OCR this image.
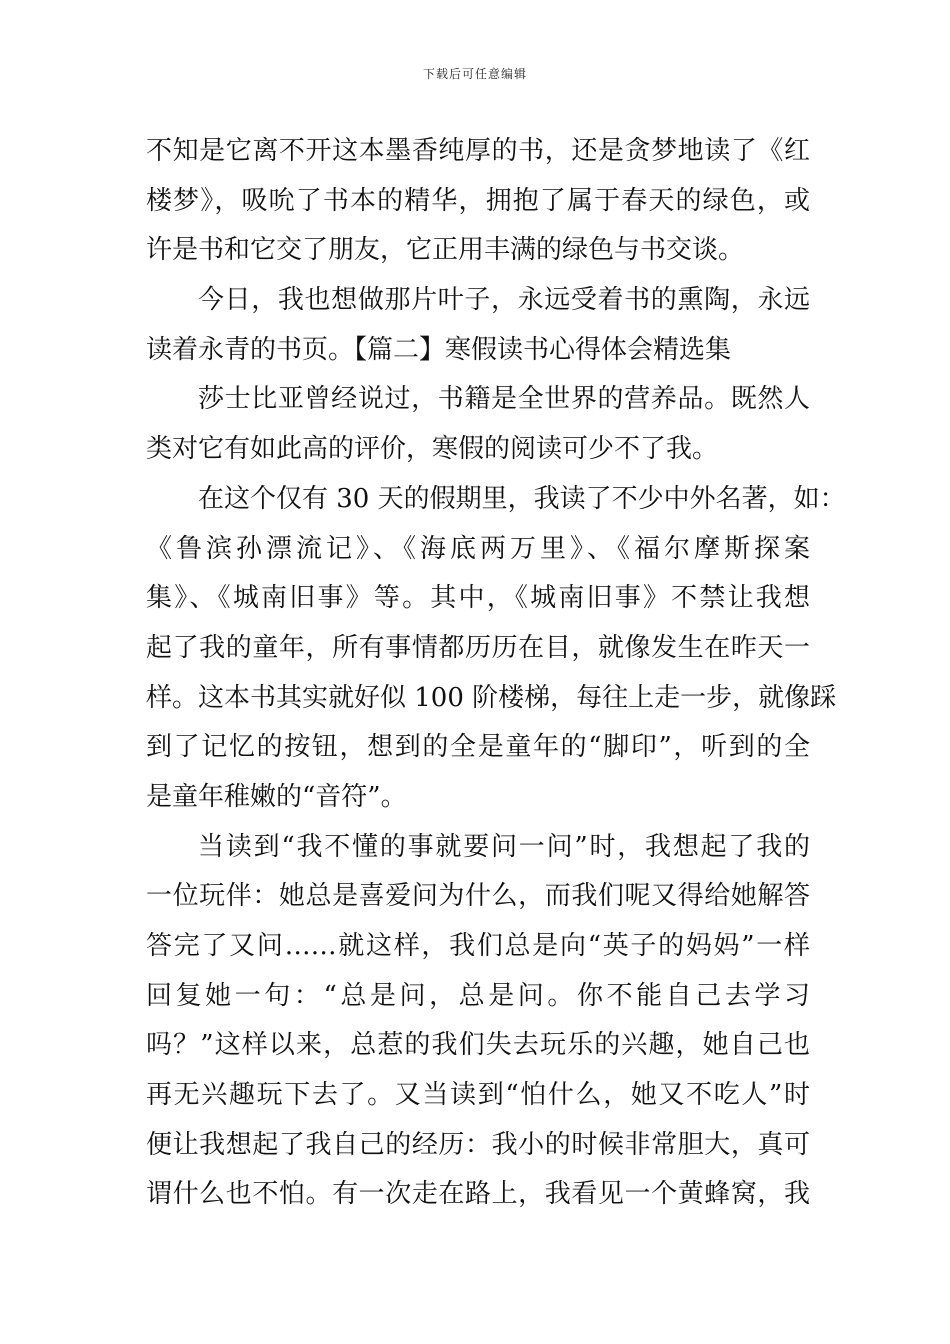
下载后可任意编辑
不知是它离不开这本墨香纯厚的书，还是贪梦地读了《红
楼梦》，吸吮了书本的精华，拥抱了属于春天的绿色，或
许是书和它交了朋友，它正用丰满的绿色与书交谈。
今日，我也想做那片叶子，永远受着书的熏陶，永远
读着永青的书页。【篇二】寒假读书心得体会精选集
莎士比亚曾经说过，书籍是全世界的营养品。既然人
类对它有如此高的评价，寒假的阅读可少不了我。
在这个仅有 30 天的假期里，我读了不少中外名著，如：
《鲁滨孙漂流记》、《海底两万里》、《福尔摩斯探案
集》、《城南旧事》等。其中，《城南旧事》不禁让我想
起了我的童年，所有事情都历历在目，就像发生在昨天一
样。这本书其实就好似 100 阶楼梯，每往上走一步，就像踩
到了记忆的按钮，想到的全是童年的“脚印”，听到的全
是童年稚嫩的“音符”。
当读到“我不懂的事就要问一问”时，我想起了我的
一位玩伴：她总是喜爱问为什么，而我们呢又得给她解答
答完了又问……就这样，我们总是向“英子的妈妈”一样
回复她一句：“总是问，总是问。你不能自己去学习
吗？”这样以来，总惹的我们失去玩乐的兴趣，她自己也
再无兴趣玩下去了。又当读到“怕什么，她又不吃人”时
便让我想起了我自己的经历：我小的时候非常胆大，真可
谓什么也不怕。有一次走在路上，我看见一个黄蜂窝，我
